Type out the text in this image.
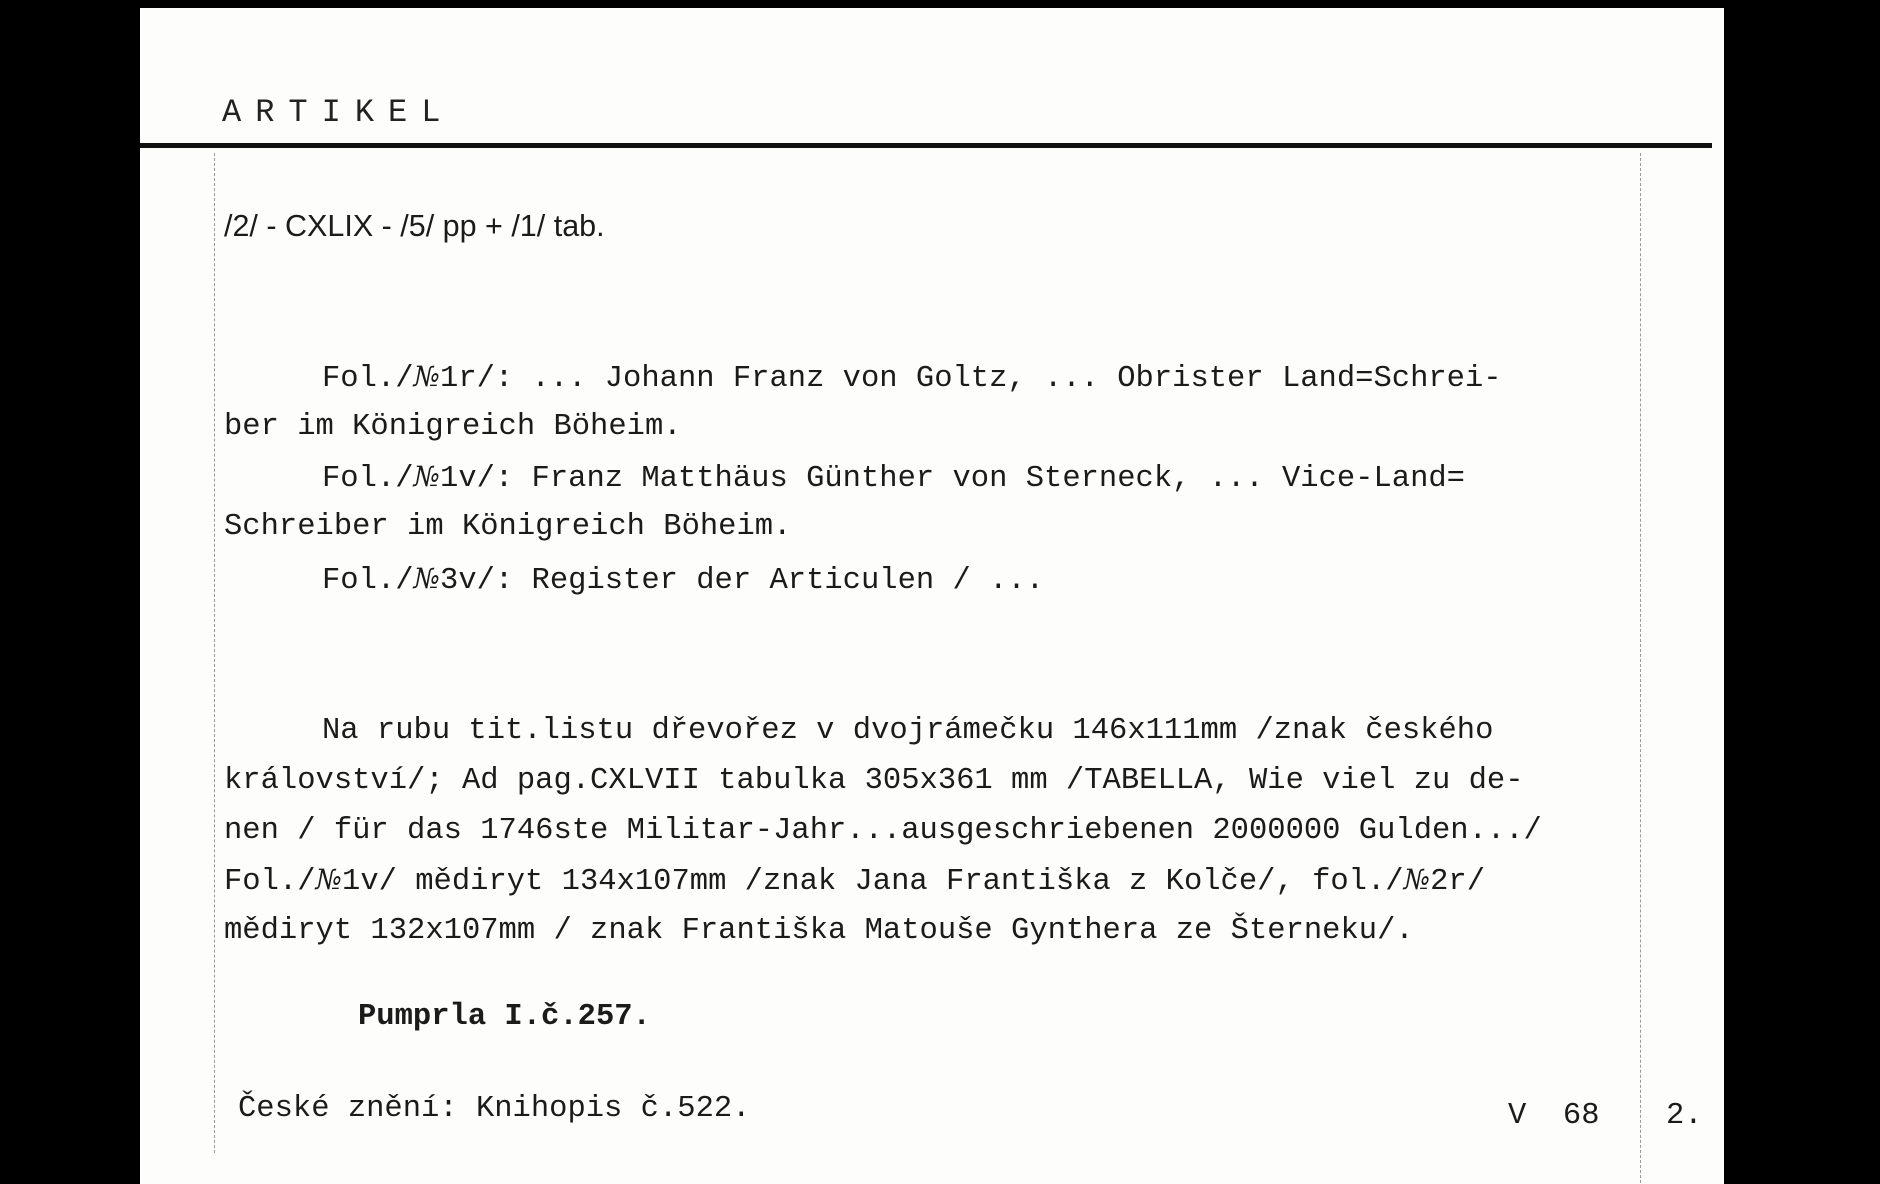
ARTIKEL
/2/ - CXLIX - /5/ pp + /1/ tab.
Fol./№1r/: ... Johann Franz von Goltz, ... Obrister Land=Schrei-
ber im Königreich Böheim.
Fol./№1v/: Franz Matthäus Günther von Sterneck, ... Vice-Land=
Schreiber im Königreich Böheim.
Fol./№3v/: Register der Articulen / ...
Na rubu tit.listu dřevořez v dvojrámečku 146x111mm /znak českého
království/; Ad pag.CXLVII tabulka 305x361 mm /TABELLA, Wie viel zu de-
nen / für das 1746ste Militar-Jahr...ausgeschriebenen 2000000 Gulden.../
Fol./№1v/ mědiryt 134x107mm /znak Jana Františka z Kolče/, fol./№2r/
mědiryt 132x107mm / znak Františka Matouše Gynthera ze Šterneku/.
Pumprla I.č.257.
České znění: Knihopis č.522.	V  68 2.
